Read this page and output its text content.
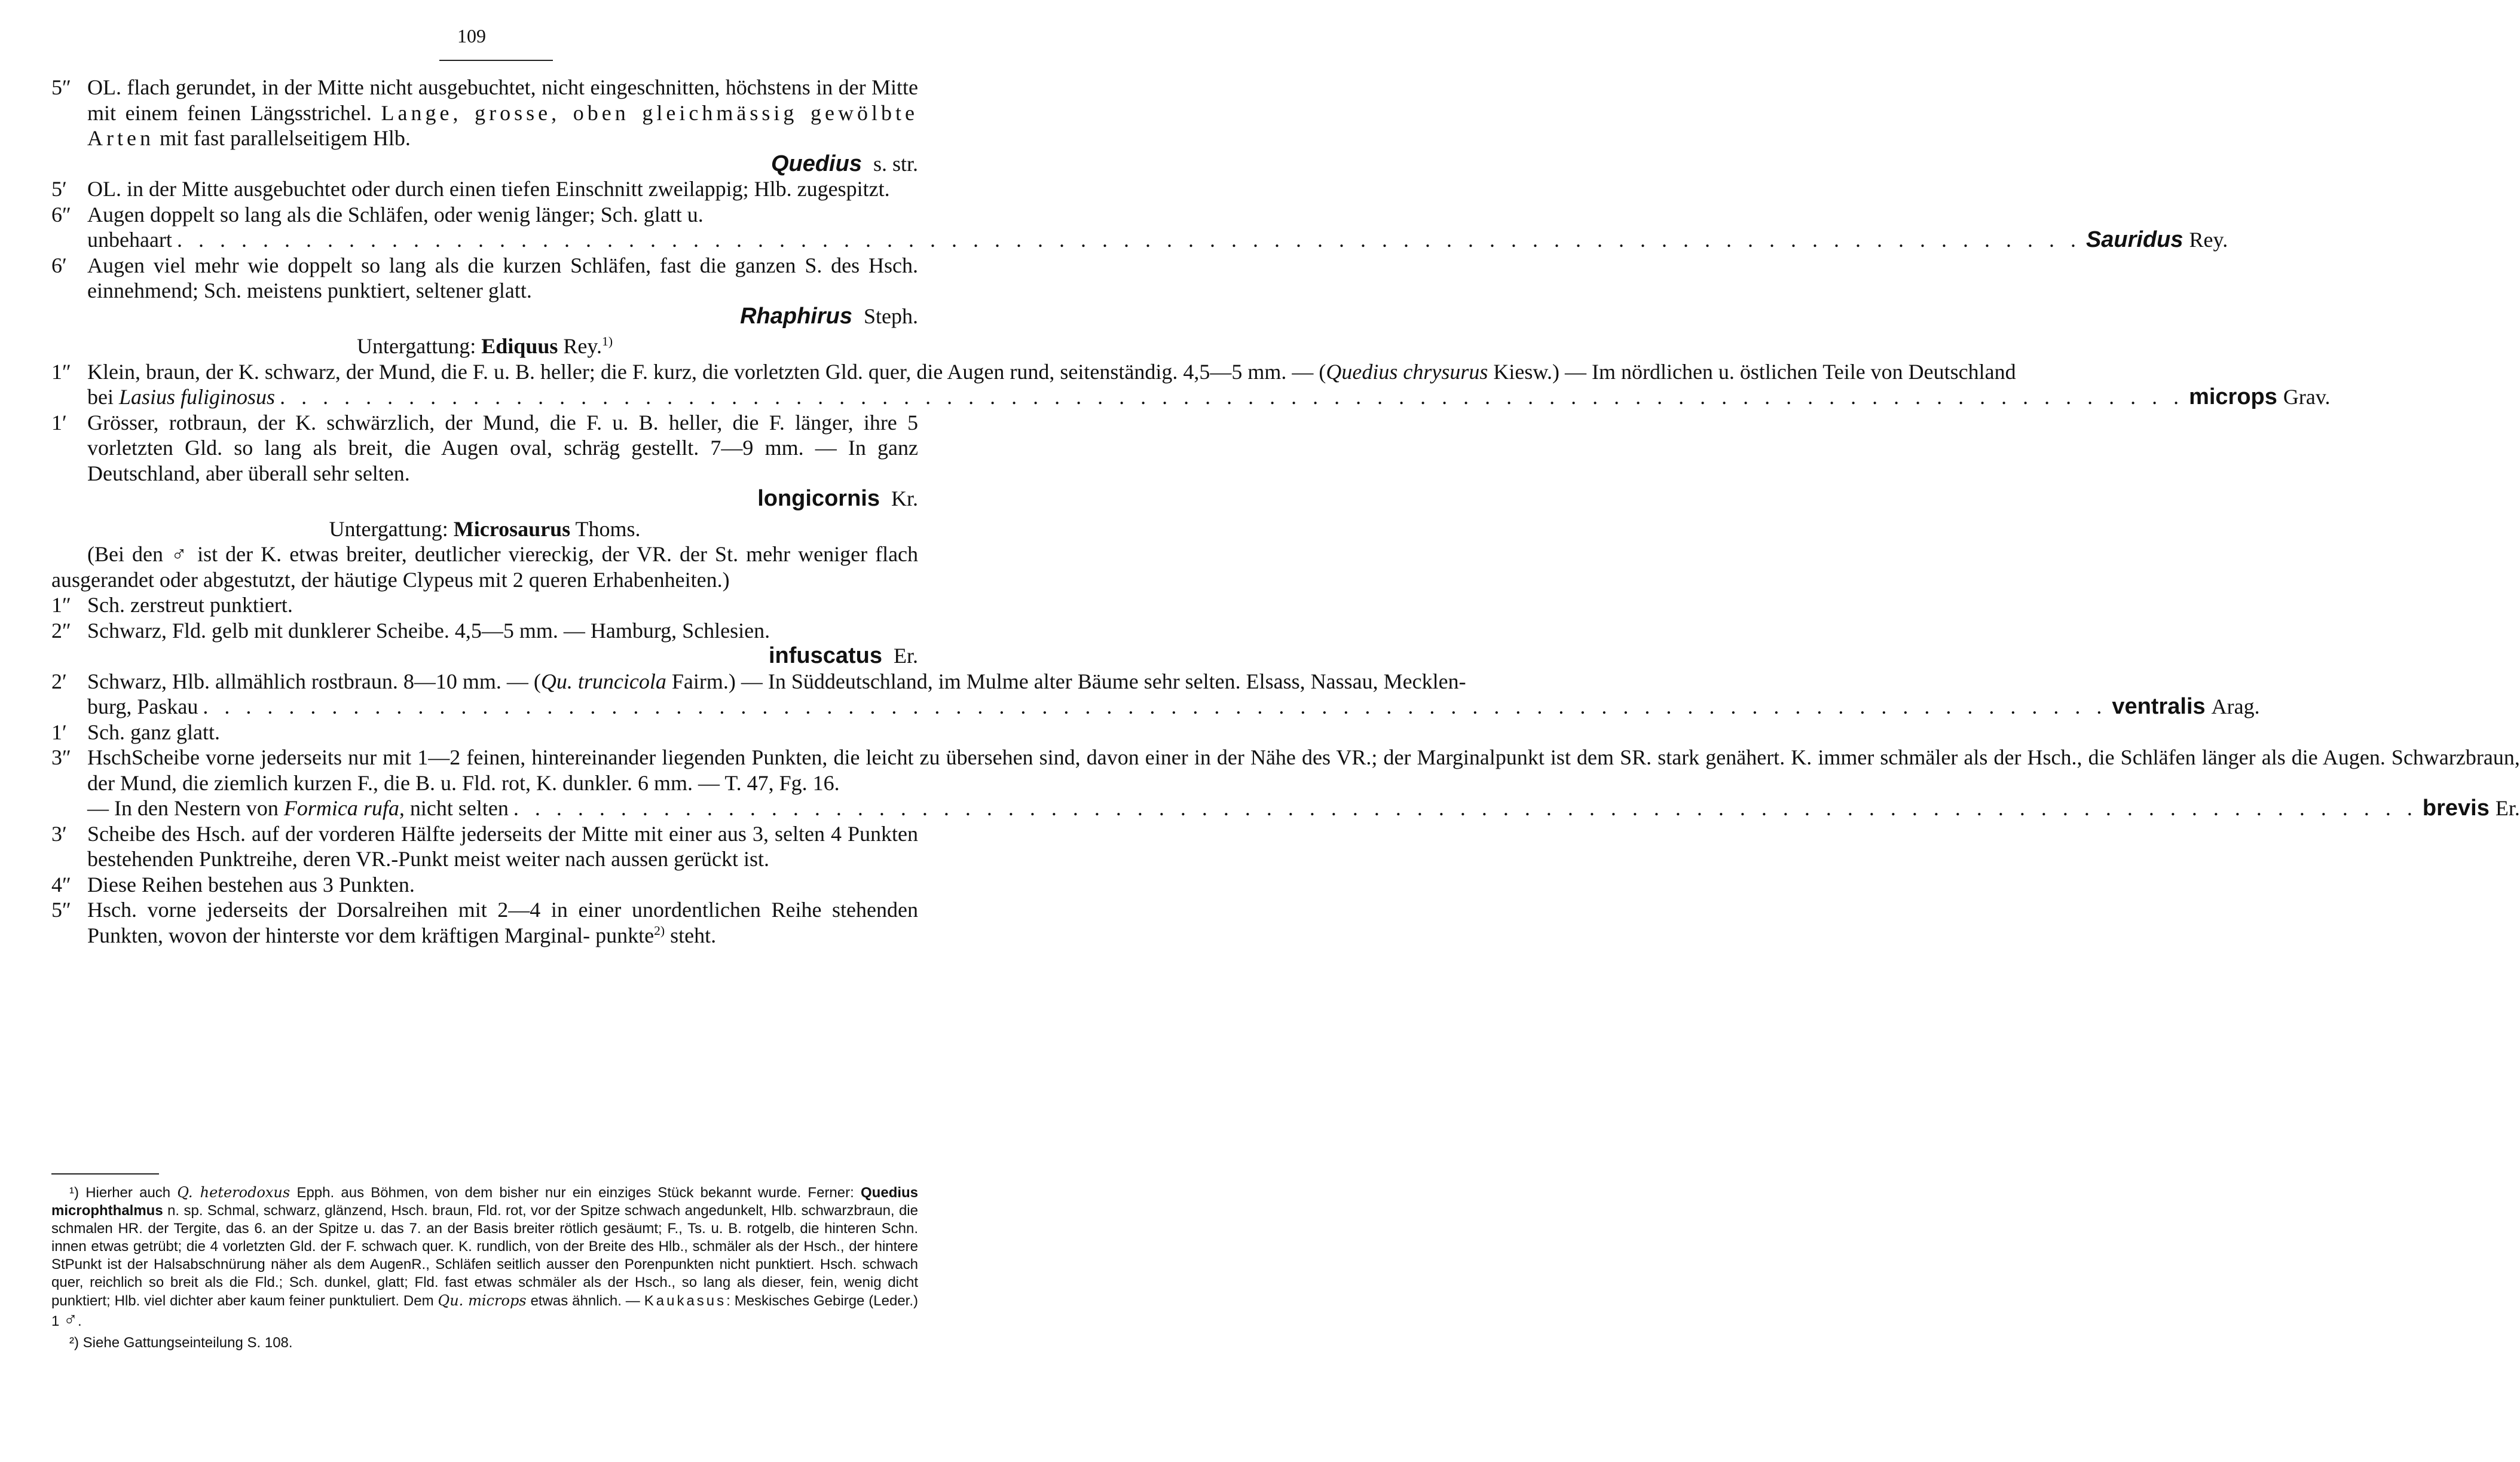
109
5″ OL. flach gerundet, in der Mitte nicht ausgebuchtet, nicht eingeschnitten, höchstens in der Mitte mit einem feinen Längsstrichel. Lange, grosse, oben gleichmässig gewölbte Arten mit fast parallelseitigem Hlb.
Quedius s. str.
5′ OL. in der Mitte ausgebuchtet oder durch einen tiefen Einschnitt zweilappig; Hlb. zugespitzt.
6″ Augen doppelt so lang als die Schläfen, oder wenig länger; Sch. glatt u.
unbehaart . . .	Sauridus Rey.
6′ Augen viel mehr wie doppelt so lang als die kurzen Schläfen, fast die ganzen S. des Hsch. einnehmend; Sch. meistens punktiert, seltener glatt.
Rhaphirus Steph.
Untergattung: Ediquus Rey.$^{1)}$
1″ Klein, braun, der K. schwarz, der Mund, die F. u. B. heller; die F. kurz, die vorletzten Gld. quer, die Augen rund, seitenständig. 4,5—5 mm. — (Quedius chrysurus Kiesw.) — Im nördlichen u. östlichen Teile von Deutschland
bei Lasius fuliginosus . . .	microps Grav.
1′ Grösser, rotbraun, der K. schwärzlich, der Mund, die F. u. B. heller, die F. länger, ihre 5 vorletzten Gld. so lang als breit, die Augen oval, schräg gestellt. 7—9 mm. — In ganz Deutschland, aber überall sehr selten.
longicornis Kr.
Untergattung: Microsaurus Thoms.
(Bei den ♂ ist der K. etwas breiter, deutlicher viereckig, der VR. der St. mehr weniger flach ausgerandet oder abgestutzt, der häutige Clypeus mit 2 queren Erhabenheiten.)
1″ Sch. zerstreut punktiert.
2″ Schwarz, Fld. gelb mit dunklerer Scheibe. 4,5—5 mm. — Hamburg, Schlesien.
infuscatus Er.
2′ Schwarz, Hlb. allmählich rostbraun. 8—10 mm. — (Qu. truncicola Fairm.) — In Süddeutschland, im Mulme alter Bäume sehr selten. Elsass, Nassau, Mecklen-
burg, Paskau . . .	ventralis Arag.
1′ Sch. ganz glatt.
3″ HschScheibe vorne jederseits nur mit 1—2 feinen, hintereinander liegenden Punkten, die leicht zu übersehen sind, davon einer in der Nähe des VR.; der Marginalpunkt ist dem SR. stark genähert. K. immer schmäler als der Hsch., die Schläfen länger als die Augen. Schwarzbraun, der Mund, die ziemlich kurzen F., die B. u. Fld. rot, K. dunkler. 6 mm. — T. 47, Fg. 16.
— In den Nestern von Formica rufa, nicht selten . . .	brevis Er.
3′ Scheibe des Hsch. auf der vorderen Hälfte jederseits der Mitte mit einer aus 3, selten 4 Punkten bestehenden Punktreihe, deren VR.-Punkt meist weiter nach aussen gerückt ist.
4″ Diese Reihen bestehen aus 3 Punkten.
5″ Hsch. vorne jederseits der Dorsalreihen mit 2—4 in einer unordentlichen Reihe stehenden Punkten, wovon der hinterste vor dem kräftigen Marginal- punkte$^{2)}$ steht.
¹) Hierher auch Q. heterodoxus Epph. aus Böhmen, von dem bisher nur ein einziges Stück bekannt wurde. Ferner: Quedius microphthalmus n. sp. Schmal, schwarz, glänzend, Hsch. braun, Fld. rot, vor der Spitze schwach angedunkelt, Hlb. schwarzbraun, die schmalen HR. der Tergite, das 6. an der Spitze u. das 7. an der Basis breiter rötlich gesäumt; F., Ts. u. B. rotgelb, die hinteren Schn. innen etwas getrübt; die 4 vorletzten Gld. der F. schwach quer. K. rundlich, von der Breite des Hlb., schmäler als der Hsch., der hintere StPunkt ist der Halsabschnürung näher als dem AugenR., Schläfen seitlich ausser den Porenpunkten nicht punktiert. Hsch. schwach quer, reichlich so breit als die Fld.; Sch. dunkel, glatt; Fld. fast etwas schmäler als der Hsch., so lang als dieser, fein, wenig dicht punktiert; Hlb. viel dichter aber kaum feiner punktuliert. Dem Qu. microps etwas ähnlich. — Kaukasus: Meskisches Gebirge (Leder.) 1 ♂.
²) Siehe Gattungseinteilung S. 108.
